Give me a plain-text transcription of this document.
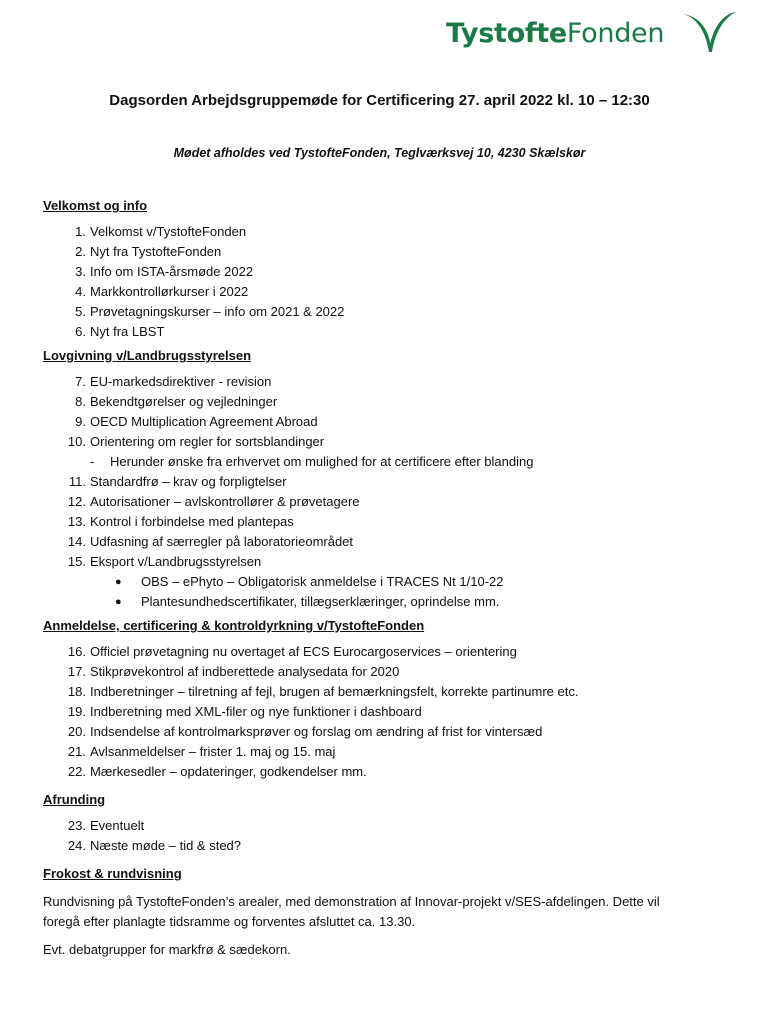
TystofteFonden
Dagsorden Arbejdsgruppemøde for Certificering 27. april 2022 kl. 10 – 12:30
Mødet afholdes ved TystofteFonden, Teglværksvej 10, 4230 Skælskør
Velkomst og info
1. Velkomst v/TystofteFonden
2. Nyt fra TystofteFonden
3. Info om ISTA-årsmøde 2022
4. Markkontrollørkurser i 2022
5. Prøvetagningskurser – info om 2021 & 2022
6. Nyt fra LBST
Lovgivning v/Landbrugsstyrelsen
7. EU-markedsdirektiver - revision
8. Bekendtgørelser og vejledninger
9. OECD Multiplication Agreement Abroad
10. Orientering om regler for sortsblandinger
- Herunder ønske fra erhvervet om mulighed for at certificere efter blanding
11. Standardfrø – krav og forpligtelser
12. Autorisationer – avlskontrollører & prøvetagere
13. Kontrol i forbindelse med plantepas
14. Udfasning af særregler på laboratorieområdet
15. Eksport v/Landbrugsstyrelsen
● OBS – ePhyto – Obligatorisk anmeldelse i TRACES Nt 1/10-22
● Plantesundhedscertifikater, tillægserklæringer, oprindelse mm.
Anmeldelse, certificering & kontroldyrkning v/TystofteFonden
16. Officiel prøvetagning nu overtaget af ECS Eurocargoservices – orientering
17. Stikprøvekontrol af indberettede analysedata for 2020
18. Indberetninger – tilretning af fejl, brugen af bemærkningsfelt, korrekte partinumre etc.
19. Indberetning med XML-filer og nye funktioner i dashboard
20. Indsendelse af kontrolmarksprøver og forslag om ændring af frist for vintersæd
21. Avlsanmeldelser – frister 1. maj og 15. maj
22. Mærkesedler – opdateringer, godkendelser mm.
Afrunding
23. Eventuelt
24. Næste møde – tid & sted?
Frokost & rundvisning
Rundvisning på TystofteFonden’s arealer, med demonstration af Innovar-projekt v/SES-afdelingen. Dette vil
foregå efter planlagte tidsramme og forventes afsluttet ca. 13.30.
Evt. debatgrupper for markfrø & sædekorn.
